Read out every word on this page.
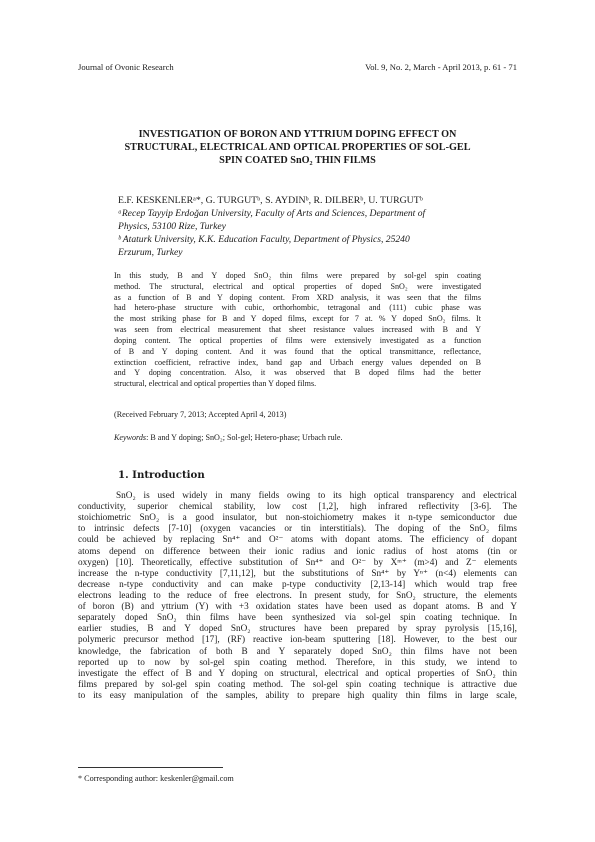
Journal of Ovonic Research	Vol. 9, No. 2, March - April 2013, p. 61 - 71
INVESTIGATION OF BORON AND YTTRIUM DOPING EFFECT ON
STRUCTURAL, ELECTRICAL AND OPTICAL PROPERTIES OF SOL-GEL
SPIN COATED SnO₂ THIN FILMS
E.F. KESKENLERᵃ*, G. TURGUTᵇ, S. AYDINᵇ, R. DILBERᵇ, U. TURGUTᵇ
ᵃRecep Tayyip Erdoğan University, Faculty of Arts and Sciences, Department of
Physics, 53100 Rize, Turkey
ᵇ Ataturk University, K.K. Education Faculty, Department of Physics, 25240
Erzurum, Turkey
In this study, B and Y doped SnO₂ thin films were prepared by sol-gel spin coating
method. The structural, electrical and optical properties of doped SnO₂ were investigated
as a function of B and Y doping content. From XRD analysis, it was seen that the films
had hetero-phase structure with cubic, orthorhombic, tetragonal and (111) cubic phase was
the most striking phase for B and Y doped films, except for 7 at. % Y doped SnO₂ films. It
was seen from electrical measurement that sheet resistance values increased with B and Y
doping content. The optical properties of films were extensively investigated as a function
of B and Y doping content. And it was found that the optical transmittance, reflectance,
extinction coefficient, refractive index, band gap and Urbach energy values depended on B
and Y doping concentration. Also, it was observed that B doped films had the better
structural, electrical and optical properties than Y doped films.
(Received February 7, 2013; Accepted April 4, 2013)
Keywords: B and Y doping; SnO₂; Sol-gel; Hetero-phase; Urbach rule.
1. Introduction
SnO₂ is used widely in many fields owing to its high optical transparency and electrical
conductivity, superior chemical stability, low cost [1,2], high infrared reflectivity [3-6]. The
stoichiometric SnO₂ is a good insulator, but non-stoichiometry makes it n-type semiconductor due
to intrinsic defects [7-10] (oxygen vacancies or tin interstitials). The doping of the SnO₂ films
could be achieved by replacing Sn⁴⁺ and O²⁻ atoms with dopant atoms. The efficiency of dopant
atoms depend on difference between their ionic radius and ionic radius of host atoms (tin or
oxygen) [10]. Theoretically, effective substitution of Sn⁴⁺ and O²⁻ by Xᵐ⁺ (m>4) and Z⁻ elements
increase the n-type conductivity [7,11,12], but the substitutions of Sn⁴⁺ by Yⁿ⁺ (n<4) elements can
decrease n-type conductivity and can make p-type conductivity [2,13-14] which would trap free
electrons leading to the reduce of free electrons. In present study, for SnO₂ structure, the elements
of boron (B) and yttrium (Y) with +3 oxidation states have been used as dopant atoms. B and Y
separately doped SnO₂ thin films have been synthesized via sol-gel spin coating technique. In
earlier studies, B and Y doped SnO₂ structures have been prepared by spray pyrolysis [15,16],
polymeric precursor method [17], (RF) reactive ion-beam sputtering [18]. However, to the best our
knowledge, the fabrication of both B and Y separately doped SnO₂ thin films have not been
reported up to now by sol-gel spin coating method. Therefore, in this study, we intend to
investigate the effect of B and Y doping on structural, electrical and optical properties of SnO₂ thin
films prepared by sol-gel spin coating method. The sol-gel spin coating technique is attractive due
to its easy manipulation of the samples, ability to prepare high quality thin films in large scale,
* Corresponding author: keskenler@gmail.com
